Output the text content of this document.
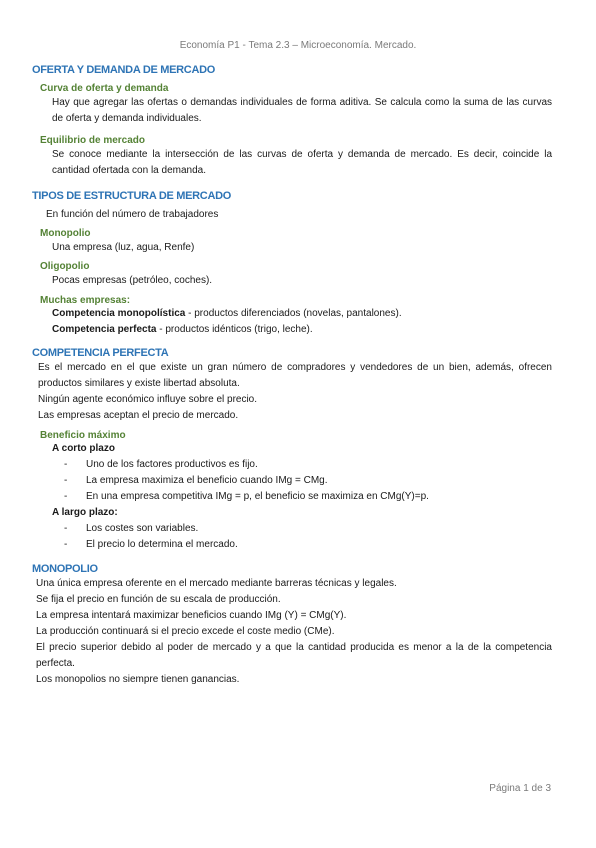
Economía P1 - Tema 2.3 – Microeconomía. Mercado.
OFERTA Y DEMANDA DE MERCADO
Curva de oferta y demanda
Hay que agregar las ofertas o demandas individuales de forma aditiva. Se calcula como la suma de las curvas de oferta y demanda individuales.
Equilibrio de mercado
Se conoce mediante la intersección de las curvas de oferta y demanda de mercado. Es decir, coincide la cantidad ofertada con la demanda.
TIPOS DE ESTRUCTURA DE MERCADO
En función del número de trabajadores
Monopolio
Una empresa (luz, agua, Renfe)
Oligopolio
Pocas empresas (petróleo, coches).
Muchas empresas:
Competencia monopolística - productos diferenciados (novelas, pantalones).
Competencia perfecta - productos idénticos (trigo, leche).
COMPETENCIA PERFECTA
Es el mercado en el que existe un gran número de compradores y vendedores de un bien, además, ofrecen productos similares y existe libertad absoluta.
Ningún agente económico influye sobre el precio.
Las empresas aceptan el precio de mercado.
Beneficio máximo
A corto plazo
- Uno de los factores productivos es fijo.
- La empresa maximiza el beneficio cuando IMg = CMg.
- En una empresa competitiva IMg = p, el beneficio se maximiza en CMg(Y)=p.
A largo plazo:
- Los costes son variables.
- El precio lo determina el mercado.
MONOPOLIO
Una única empresa oferente en el mercado mediante barreras técnicas y legales.
Se fija el precio en función de su escala de producción.
La empresa intentará maximizar beneficios cuando IMg (Y) = CMg(Y).
La producción continuará si el precio excede el coste medio (CMe).
El precio superior debido al poder de mercado y a que la cantidad producida es menor a la de la competencia perfecta.
Los monopolios no siempre tienen ganancias.
Página 1 de 3
